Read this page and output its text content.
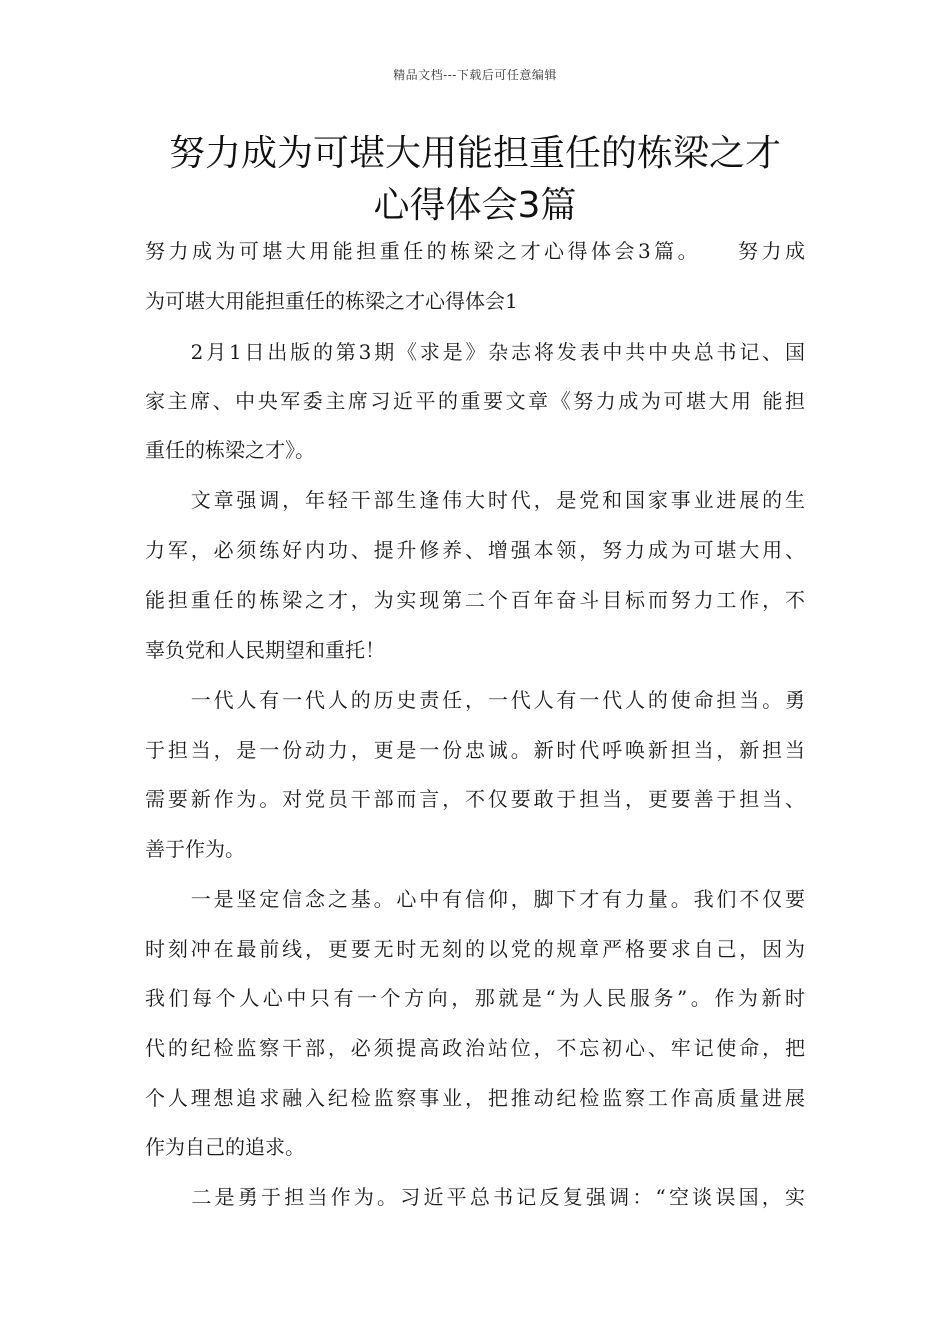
精品文档---下载后可任意编辑
努力成为可堪大用能担重任的栋梁之才
心得体会3篇
努力成为可堪大用能担重任的栋梁之才心得体会3篇。　　努力成
为可堪大用能担重任的栋梁之才心得体会1
　　2月1日出版的第3期《求是》杂志将发表中共中央总书记、国
家主席、中央军委主席习近平的重要文章《努力成为可堪大用 能担
重任的栋梁之才》。
　　文章强调，年轻干部生逢伟大时代，是党和国家事业进展的生
力军，必须练好内功、提升修养、增强本领，努力成为可堪大用、
能担重任的栋梁之才，为实现第二个百年奋斗目标而努力工作，不
辜负党和人民期望和重托！
　　一代人有一代人的历史责任，一代人有一代人的使命担当。勇
于担当，是一份动力，更是一份忠诚。新时代呼唤新担当，新担当
需要新作为。对党员干部而言，不仅要敢于担当，更要善于担当、
善于作为。
　　一是坚定信念之基。心中有信仰，脚下才有力量。我们不仅要
时刻冲在最前线，更要无时无刻的以党的规章严格要求自己，因为
我们每个人心中只有一个方向，那就是“为人民服务”。作为新时
代的纪检监察干部，必须提高政治站位，不忘初心、牢记使命，把
个人理想追求融入纪检监察事业，把推动纪检监察工作高质量进展
作为自己的追求。
　　二是勇于担当作为。习近平总书记反复强调：“空谈误国，实
